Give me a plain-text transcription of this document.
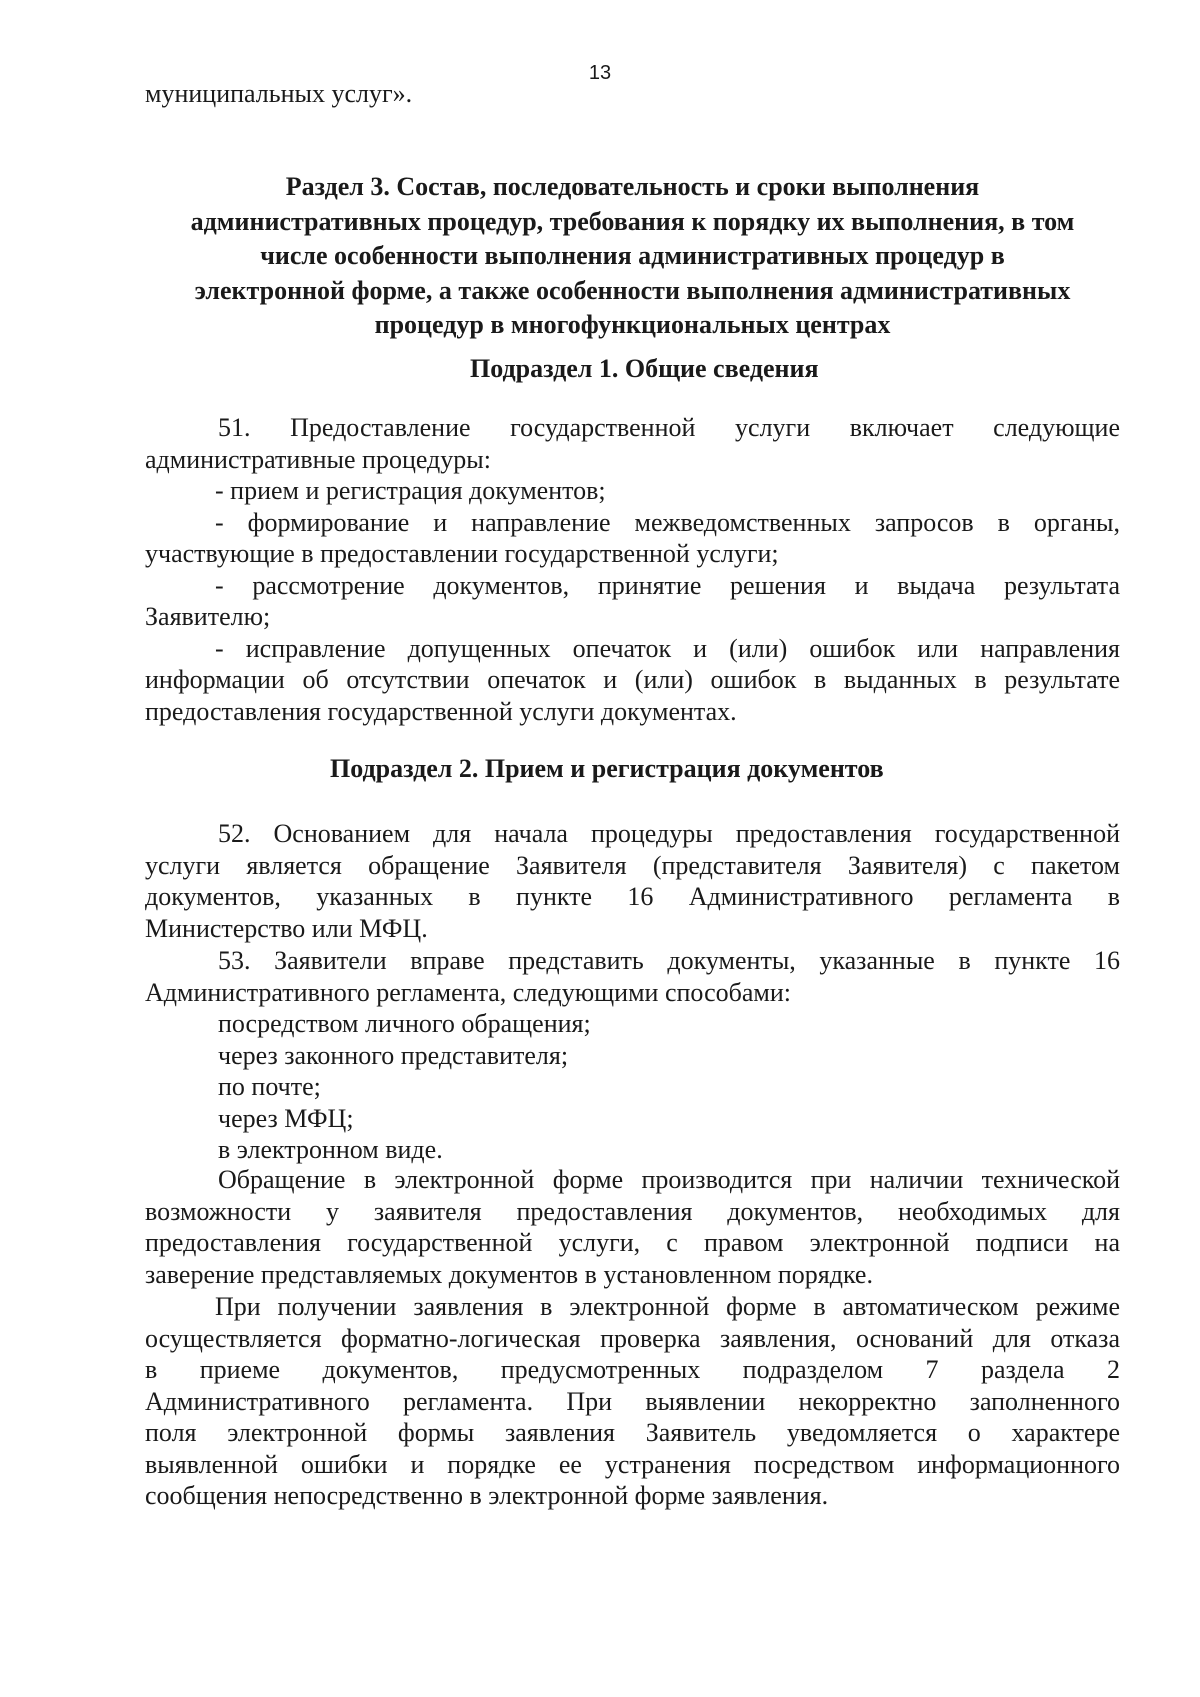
13
муниципальных услуг».
Раздел 3. Состав, последовательность и сроки выполнения
административных процедур, требования к порядку их выполнения, в том
числе особенности выполнения административных процедур в
электронной форме, а также особенности выполнения административных
процедур в многофункциональных центрах
Подраздел 1. Общие сведения
51. Предоставление государственной услуги включает следующие
административные процедуры:
- прием и регистрация документов;
- формирование и направление межведомственных запросов в органы,
участвующие в предоставлении государственной услуги;
- рассмотрение документов, принятие решения и выдача результата
Заявителю;
- исправление допущенных опечаток и (или) ошибок или направления
информации об отсутствии опечаток и (или) ошибок в выданных в результате
предоставления государственной услуги документах.
Подраздел 2. Прием и регистрация документов
52. Основанием для начала процедуры предоставления государственной
услуги является обращение Заявителя (представителя Заявителя) с пакетом
документов, указанных в пункте 16 Административного регламента в
Министерство или МФЦ.
53. Заявители вправе представить документы, указанные в пункте 16
Административного регламента, следующими способами:
посредством личного обращения;
через законного представителя;
по почте;
через МФЦ;
в электронном виде.
Обращение в электронной форме производится при наличии технической
возможности у заявителя предоставления документов, необходимых для
предоставления государственной услуги, с правом электронной подписи на
заверение представляемых документов в установленном порядке.
При получении заявления в электронной форме в автоматическом режиме
осуществляется форматно-логическая проверка заявления, оснований для отказа
в приеме документов, предусмотренных подразделом 7 раздела 2
Административного регламента. При выявлении некорректно заполненного
поля электронной формы заявления Заявитель уведомляется о характере
выявленной ошибки и порядке ее устранения посредством информационного
сообщения непосредственно в электронной форме заявления.
